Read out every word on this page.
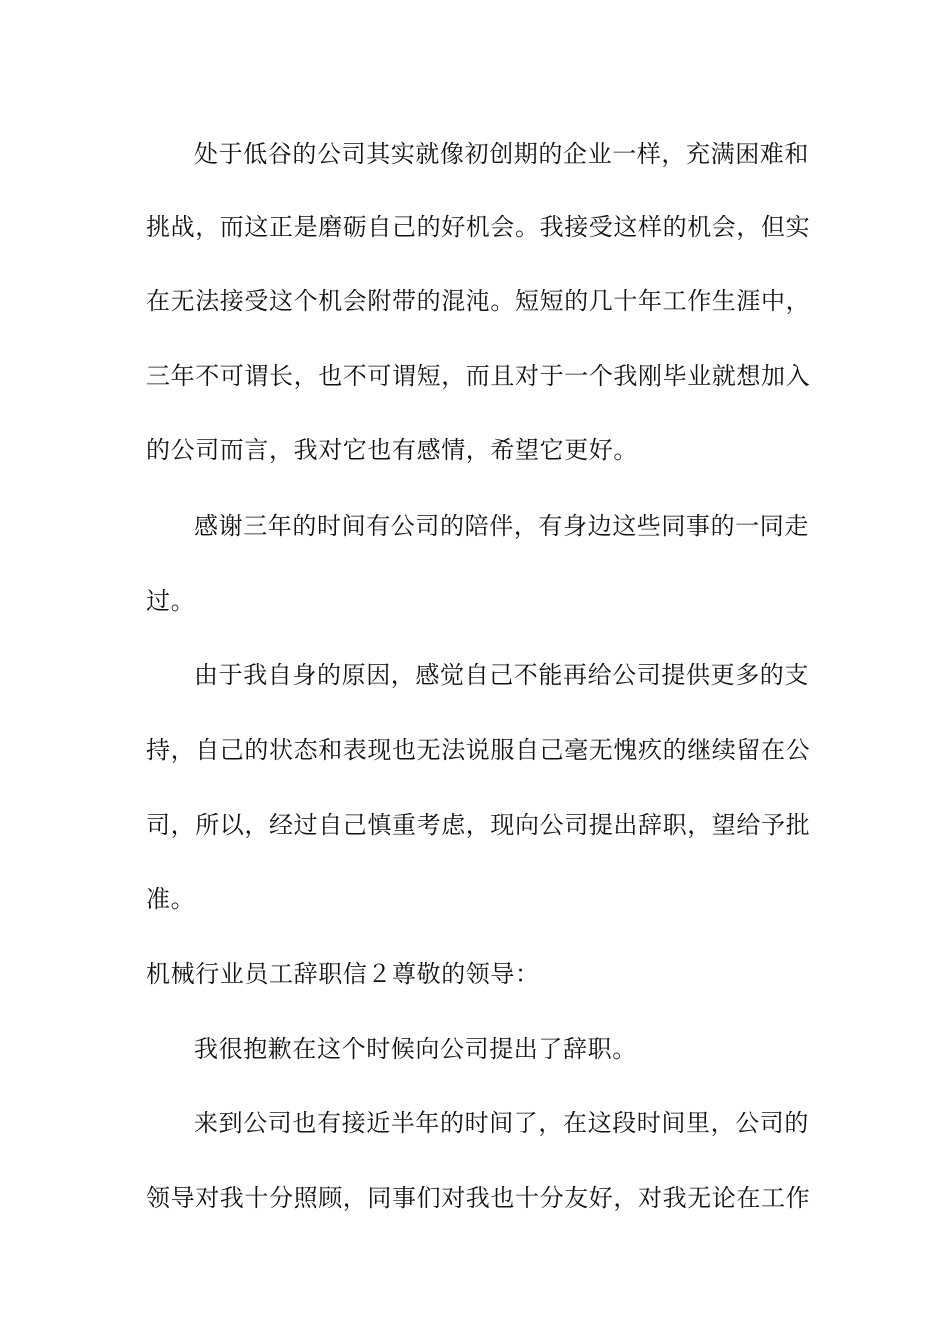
处于低谷的公司其实就像初创期的企业一样，充满困难和
挑战，而这正是磨砺自己的好机会。我接受这样的机会，但实
在无法接受这个机会附带的混沌。短短的几十年工作生涯中，
三年不可谓长，也不可谓短，而且对于一个我刚毕业就想加入
的公司而言，我对它也有感情，希望它更好。
感谢三年的时间有公司的陪伴，有身边这些同事的一同走
过。
由于我自身的原因，感觉自己不能再给公司提供更多的支
持，自己的状态和表现也无法说服自己毫无愧疚的继续留在公
司，所以，经过自己慎重考虑，现向公司提出辞职，望给予批
准。
机械行业员工辞职信２尊敬的领导：
我很抱歉在这个时候向公司提出了辞职。
来到公司也有接近半年的时间了，在这段时间里，公司的
领导对我十分照顾，同事们对我也十分友好，对我无论在工作
